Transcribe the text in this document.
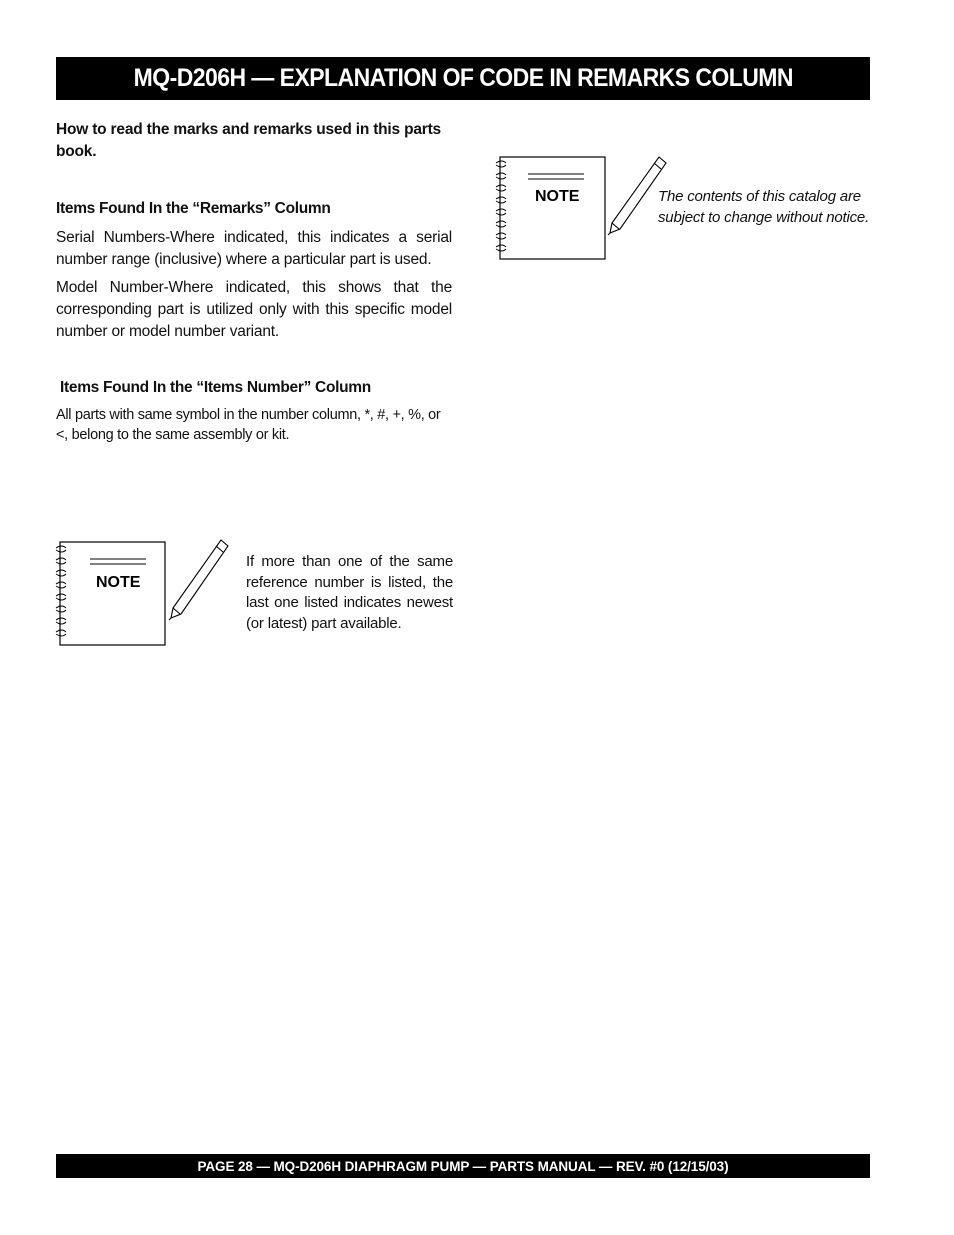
MQ-D206H — EXPLANATION OF CODE IN REMARKS COLUMN

How to read the marks and remarks used in this parts book.

Items Found In the “Remarks” Column

Serial Numbers-Where indicated, this indicates a serial number range (inclusive) where a particular part is used.

Model Number-Where indicated, this shows that the corresponding part is utilized only with this specific model number or model number variant.

Items Found In the “Items Number” Column

All parts with same symbol in the number column, *, #, +, %, or <, belong to the same assembly or kit.

NOTE	The contents of this catalog are subject to change without notice.

NOTE

If more than one of the same reference number is listed, the last one listed indicates newest (or latest) part available.

PAGE 28 — MQ-D206H DIAPHRAGM PUMP — PARTS MANUAL — REV. #0 (12/15/03)
